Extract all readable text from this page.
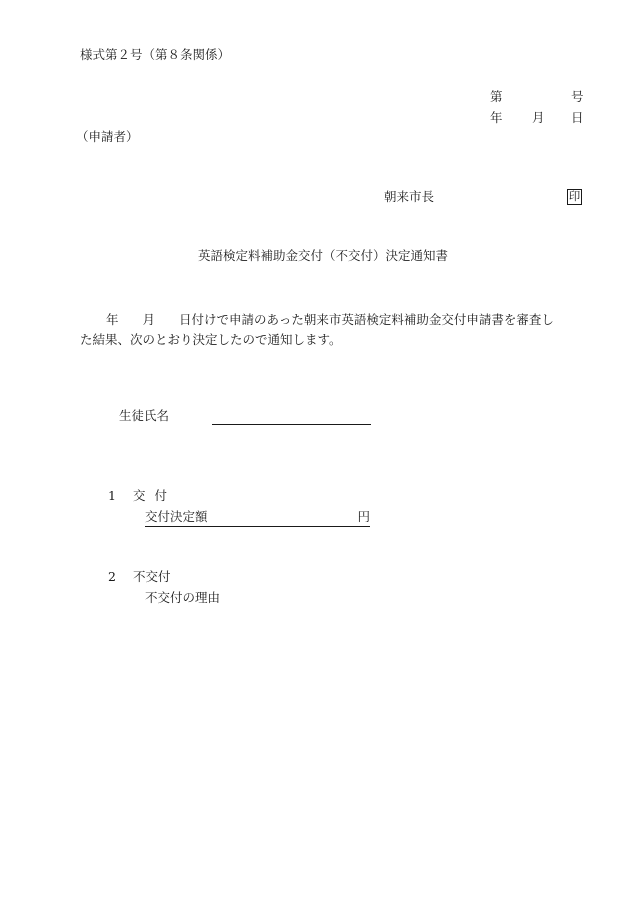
様式第２号（第８条関係）
第	号
年 月 日
（申請者）
朝来市長	印
英語検定料補助金交付（不交付）決定通知書
年 月 日付けで申請のあった朝来市英語検定料補助金交付申請書を審査し
た結果、次のとおり決定したので通知します。
生徒氏名
1 交付
交付決定額	円
2 不交付
不交付の理由
